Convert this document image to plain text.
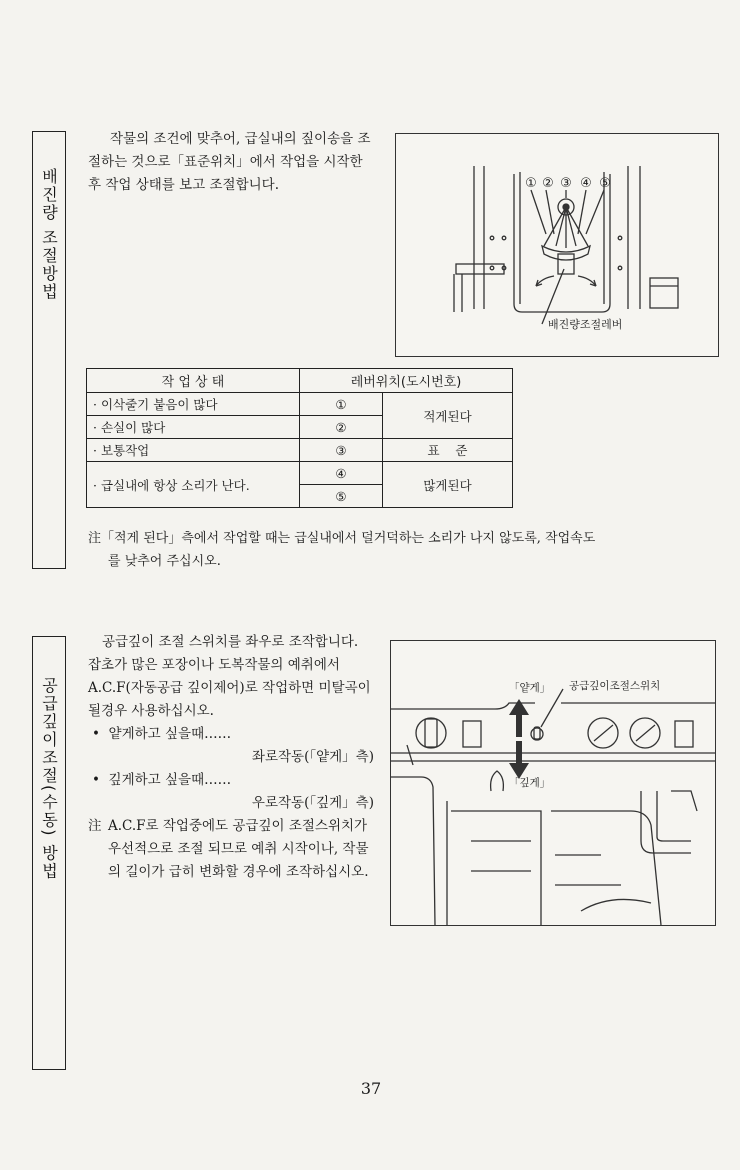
배진량 조절방법
작물의 조건에 맞추어, 급실내의 짚이송을 조절하는 것으로「표준위치」에서 작업을 시작한 후 작업 상태를 보고 조절합니다.	① ② ③ ④ ⑤
배진량조절레버
작 업 상 태	레버위치(도시번호)	
· 이삭줄기 붙음이 많다	①	적게된다
· 손실이 많다	②	
· 보통작업	③	표    준
· 급실내에 항상 소리가 난다.	④	많게된다
	⑤	
注「적게 된다」측에서 작업할 때는 급실내에서 덜거덕하는 소리가 나지 않도록, 작업속도
를 낮추어 주십시오.
공급깊이조절(수동) 방법
공급깊이 조절 스위치를 좌우로 조작합니다. 잡초가 많은 포장이나 도복작물의 예취에서 A.C.F(자동공급 깊이제어)로 작업하면 미탈곡이 될경우 사용하십시오.
•  얕게하고 싶을때……
좌로작동(「얕게」측)
•  깊게하고 싶을때……
우로작동(「깊게」측)
注 A.C.F로 작업중에도 공급깊이 조절스위치가 우선적으로 조절 되므로 예취 시작이나, 작물의 길이가 급히 변화할 경우에 조작하십시오.
「얕게」
「깊게」
공급깊이조절스위치
37
